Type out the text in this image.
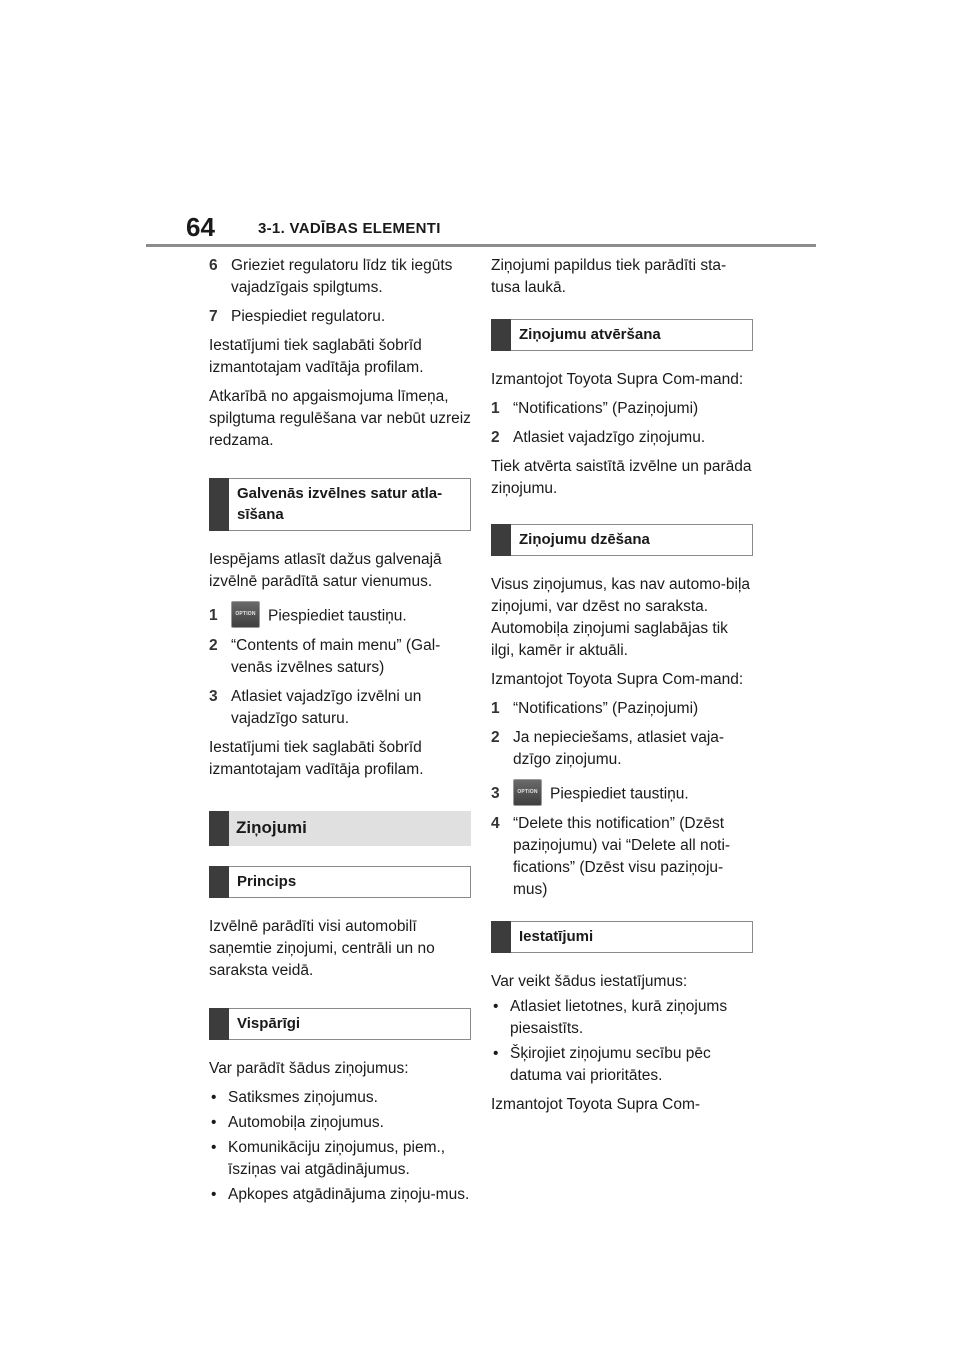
64	3-1. VADĪBAS ELEMENTI
6 Grieziet regulatoru līdz tik iegūts vajadzīgais spilgtums.
7 Piespiediet regulatoru.

Iestatījumi tiek saglabāti šobrīd izmantotajam vadītāja profilam.

Atkarībā no apgaismojuma līmeņa, spilgtuma regulēšana var nebūt uzreiz redzama.

Galvenās izvēlnes satur atla-sīšana

Iespējams atlasīt dažus galvenajā izvēlnē parādītā satur vienumus.

1	OPTION Piespiediet taustiņu.
2 “Contents of main menu” (Gal-venās izvēlnes saturs)
3 Atlasiet vajadzīgo izvēlni un vajadzīgo saturu.

Iestatījumi tiek saglabāti šobrīd izmantotajam vadītāja profilam.

Ziņojumi
Princips

Izvēlnē parādīti visi automobilī saņemtie ziņojumi, centrāli un no saraksta veidā.

Vispārīgi

Var parādīt šādus ziņojumus:

• Satiksmes ziņojumus.
• Automobiļa ziņojumus.
• Komunikāciju ziņojumus, piem., īsziņas vai atgādinājumus.
• Apkopes atgādinājuma ziņoju-mus.

Ziņojumi papildus tiek parādīti sta-tusa laukā.

Ziņojumu atvēršana

Izmantojot Toyota Supra Com-mand:

1 “Notifications” (Paziņojumi)
2 Atlasiet vajadzīgo ziņojumu.

Tiek atvērta saistītā izvēlne un parāda ziņojumu.

Ziņojumu dzēšana

Visus ziņojumus, kas nav automo-biļa ziņojumi, var dzēst no saraksta. Automobiļa ziņojumi saglabājas tik ilgi, kamēr ir aktuāli.

Izmantojot Toyota Supra Com-mand:

1 “Notifications” (Paziņojumi)
2 Ja nepieciešams, atlasiet vaja-dzīgo ziņojumu.
3	OPTION Piespiediet taustiņu.
4 “Delete this notification” (Dzēst paziņojumu) vai “Delete all noti-fications” (Dzēst visu paziņoju-mus)
Iestatījumi

Var veikt šādus iestatījumus:

• Atlasiet lietotnes, kurā ziņojums piesaistīts.
• Šķirojiet ziņojumu secību pēc datuma vai prioritātes.

Izmantojot Toyota Supra Com-
